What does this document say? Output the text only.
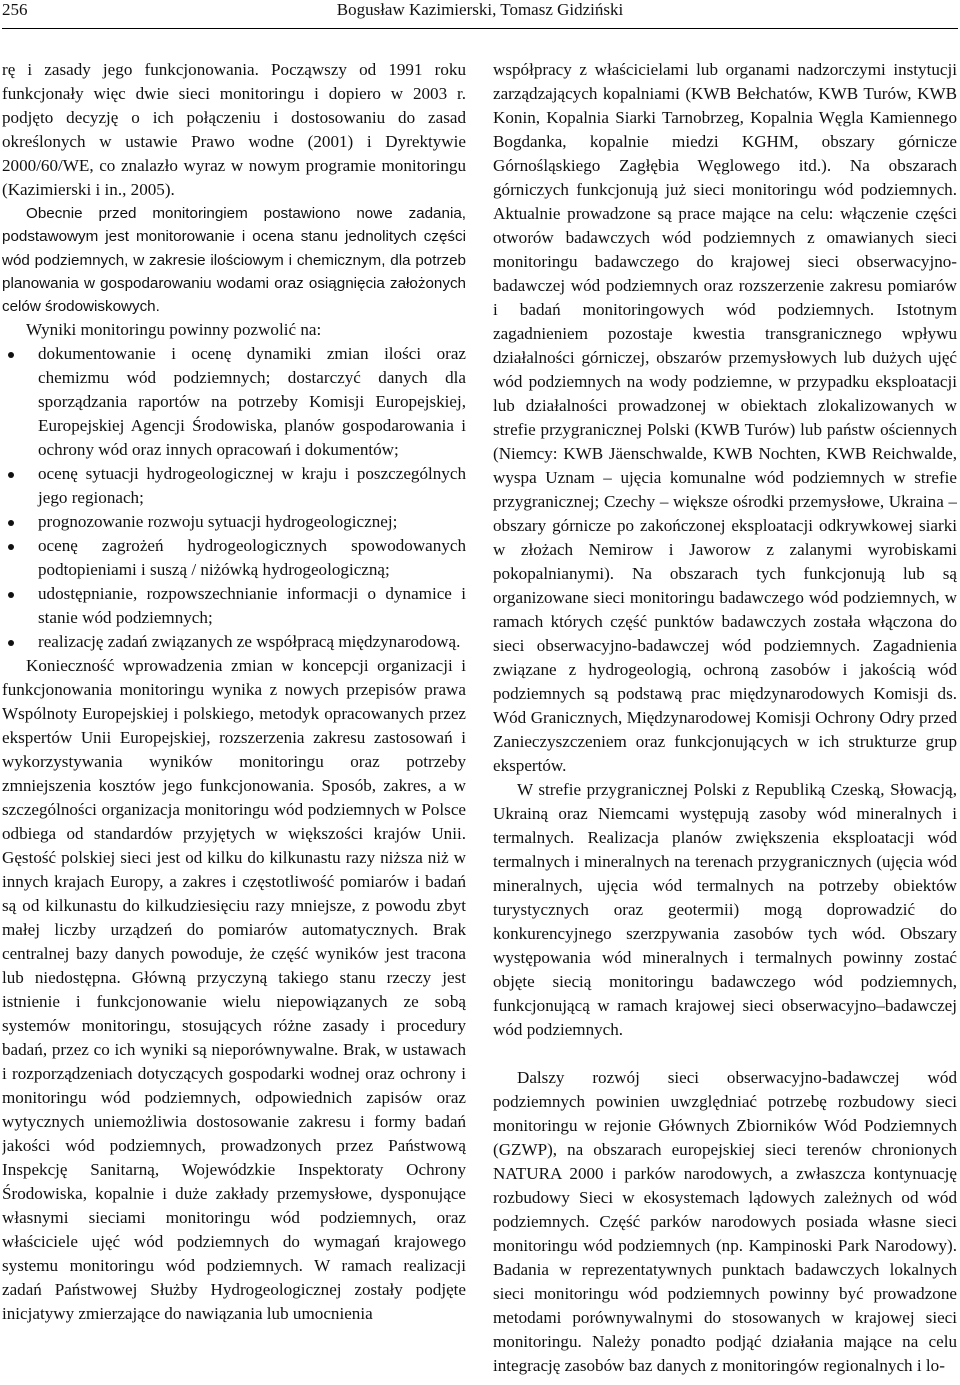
256	Bogusław Kazimierski, Tomasz Gidziński

rę i zasady jego funkcjonowania. Począwszy od 1991 roku funkcjonały więc dwie sieci monitoringu i dopiero w 2003 r. podjęto decyzję o ich połączeniu i dostosowaniu do zasad określonych w ustawie Prawo wodne (2001) i Dyrektywie 2000/60/WE, co znalazło wyraz w nowym programie monitoringu (Kazimierski i in., 2005).

Obecnie przed monitoringiem postawiono nowe zadania, podstawowym jest monitorowanie i ocena stanu jednolitych części wód podziemnych, w zakresie ilościowym i chemicznym, dla potrzeb planowania w gospodarowaniu wodami oraz osiągnięcia założonych celów środowiskowych.

Wyniki monitoringu powinny pozwolić na:

dokumentowanie i ocenę dynamiki zmian ilości oraz chemizmu wód podziemnych; dostarczyć danych dla sporządzania raportów na potrzeby Komisji Europejskiej, Europejskiej Agencji Środowiska, planów gospodarowania i ochrony wód oraz innych opracowań i dokumentów;
ocenę sytuacji hydrogeologicznej w kraju i poszczególnych jego regionach;
prognozowanie rozwoju sytuacji hydrogeologicznej;
ocenę zagrożeń hydrogeologicznych spowodowanych podtopieniami i suszą / niżówką hydrogeologiczną;
udostępnianie, rozpowszechnianie informacji o dynamice i stanie wód podziemnych;
realizację zadań związanych ze współpracą międzynarodową.

Konieczność wprowadzenia zmian w koncepcji organizacji i funkcjonowania monitoringu wynika z nowych przepisów prawa Wspólnoty Europejskiej i polskiego, metodyk opracowanych przez ekspertów Unii Europejskiej, rozszerzenia zakresu zastosowań i wykorzystywania wyników monitoringu oraz potrzeby zmniejszenia kosztów jego funkcjonowania. Sposób, zakres, a w szczególności organizacja monitoringu wód podziemnych w Polsce odbiega od standardów przyjętych w większości krajów Unii. Gęstość polskiej sieci jest od kilku do kilkunastu razy niższa niż w innych krajach Europy, a zakres i częstotliwość pomiarów i badań są od kilkunastu do kilkudziesięciu razy mniejsze, z powodu zbyt małej liczby urządzeń do pomiarów automatycznych. Brak centralnej bazy danych powoduje, że część wyników jest tracona lub niedostępna. Główną przyczyną takiego stanu rzeczy jest istnienie i funkcjonowanie wielu niepowiązanych ze sobą systemów monitoringu, stosujących różne zasady i procedury badań, przez co ich wyniki są nieporównywalne. Brak, w ustawach i rozporządzeniach dotyczących gospodarki wodnej oraz ochrony i monitoringu wód podziemnych, odpowiednich zapisów oraz wytycznych uniemożliwia dostosowanie zakresu i formy badań jakości wód podziemnych, prowadzonych przez Państwową Inspekcję Sanitarną, Wojewódzkie Inspektoraty Ochrony Środowiska, kopalnie i duże zakłady przemysłowe, dysponujące własnymi sieciami monitoringu wód podziemnych, oraz właściciele ujęć wód podziemnych do wymagań krajowego systemu monitoringu wód podziemnych. W ramach realizacji zadań Państwowej Służby Hydrogeologicznej zostały podjęte inicjatywy zmierzające do nawiązania lub umocnienia

współpracy z właścicielami lub organami nadzorczymi instytucji zarządzających kopalniami (KWB Bełchatów, KWB Turów, KWB Konin, Kopalnia Siarki Tarnobrzeg, Kopalnia Węgla Kamiennego Bogdanka, kopalnie miedzi KGHM, obszary górnicze Górnośląskiego Zagłębia Węglowego itd.). Na obszarach górniczych funkcjonują już sieci monitoringu wód podziemnych. Aktualnie prowadzone są prace mające na celu: włączenie części otworów badawczych wód podziemnych z omawianych sieci monitoringu badawczego do krajowej sieci obserwacyjno-badawczej wód podziemnych oraz rozszerzenie zakresu pomiarów i badań monitoringowych wód podziemnych. Istotnym zagadnieniem pozostaje kwestia transgranicznego wpływu działalności górniczej, obszarów przemysłowych lub dużych ujęć wód podziemnych na wody podziemne, w przypadku eksploatacji lub działalności prowadzonej w obiektach zlokalizowanych w strefie przygranicznej Polski (KWB Turów) lub państw ościennych (Niemcy: KWB Jäenschwalde, KWB Nochten, KWB Reichwalde, wyspa Uznam – ujęcia komunalne wód podziemnych w strefie przygranicznej; Czechy – większe ośrodki przemysłowe, Ukraina – obszary górnicze po zakończonej eksploatacji odkrywkowej siarki w złożach Nemirow i Jaworow z zalanymi wyrobiskami pokopalnianymi). Na obszarach tych funkcjonują lub są organizowane sieci monitoringu badawczego wód podziemnych, w ramach których część punktów badawczych została włączona do sieci obserwacyjno-badawczej wód podziemnych. Zagadnienia związane z hydrogeologią, ochroną zasobów i jakością wód podziemnych są podstawą prac międzynarodowych Komisji ds. Wód Granicznych, Międzynarodowej Komisji Ochrony Odry przed Zanieczyszczeniem oraz funkcjonujących w ich strukturze grup ekspertów.

W strefie przygranicznej Polski z Republiką Czeską, Słowacją, Ukrainą oraz Niemcami występują zasoby wód mineralnych i termalnych. Realizacja planów zwiększenia eksploatacji wód termalnych i mineralnych na terenach przygranicznych (ujęcia wód mineralnych, ujęcia wód termalnych na potrzeby obiektów turystycznych oraz geotermii) mogą doprowadzić do konkurencyjnego szerzpywania zasobów tych wód. Obszary występowania wód mineralnych i termalnych powinny zostać objęte siecią monitoringu badawczego wód podziemnych, funkcjonującą w ramach krajowej sieci obserwacyjno–badawczej wód podziemnych.

Dalszy rozwój sieci obserwacyjno-badawczej wód podziemnych powinien uwzględniać potrzebę rozbudowy sieci monitoringu w rejonie Głównych Zbiorników Wód Podziemnych (GZWP), na obszarach europejskiej sieci terenów chronionych NATURA 2000 i parków narodowych, a zwłaszcza kontynuację rozbudowy Sieci w ekosystemach lądowych zależnych od wód podziemnych. Część parków narodowych posiada własne sieci monitoringu wód podziemnych (np. Kampinoski Park Narodowy). Badania w reprezentatywnych punktach badawczych lokalnych sieci monitoringu wód podziemnych powinny być prowadzone metodami porównywalnymi do stosowanych w krajowej sieci monitoringu. Należy ponadto podjąć działania mające na celu integrację zasobów baz danych z monitoringów regionalnych i lo-
